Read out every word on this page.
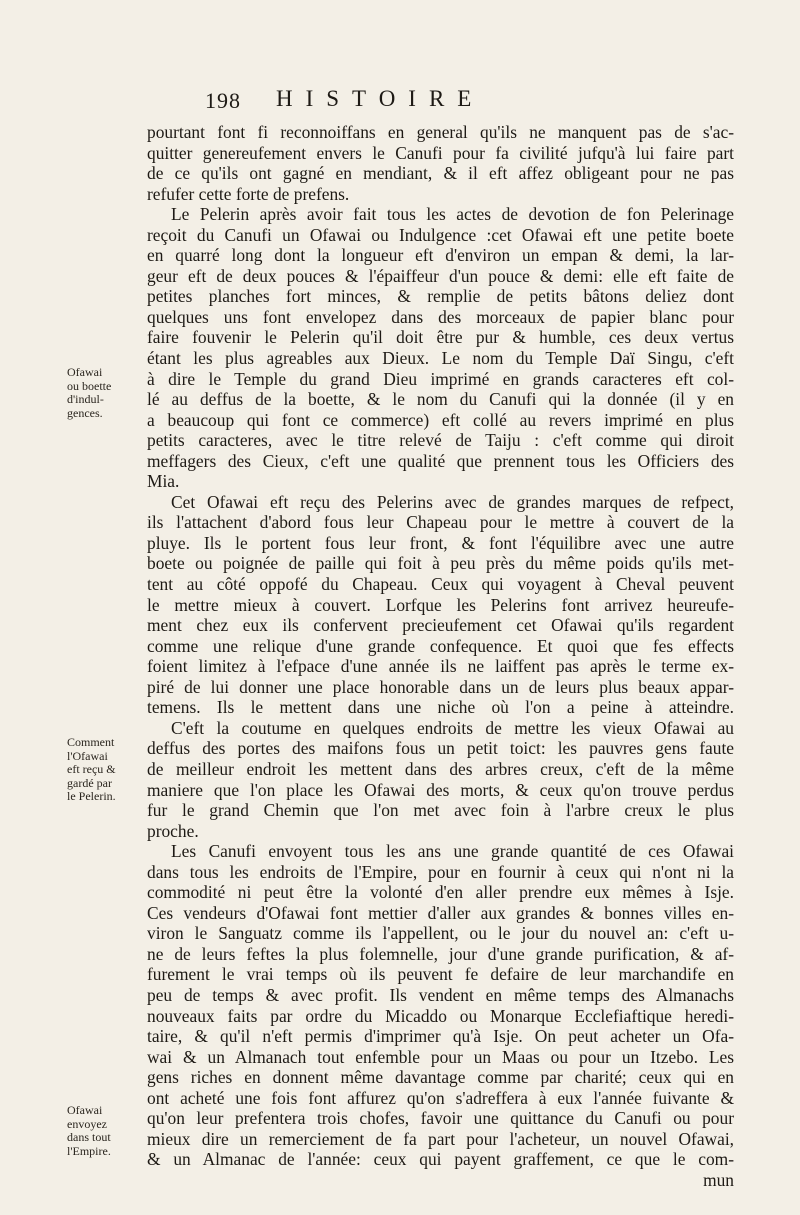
198 HISTOIRE
Ofawai
ou boette
d'indul-
gences.
Comment
l'Ofawai
eft reçu &
gardé par
le Pelerin.
Ofawai
envoyez
dans tout
l'Empire.
pourtant font fi reconnoiffans en general qu'ils ne manquent pas de s'ac-
quitter genereufement envers le Canufi pour fa civilité jufqu'à lui faire part
de ce qu'ils ont gagné en mendiant, & il eft affez obligeant pour ne pas
refufer cette forte de prefens.
Le Pelerin après avoir fait tous les actes de devotion de fon Pelerinage
reçoit du Canufi un Ofawai ou Indulgence :cet Ofawai eft une petite boete
en quarré long dont la longueur eft d'environ un empan & demi, la lar-
geur eft de deux pouces & l'épaiffeur d'un pouce & demi: elle eft faite de
petites planches fort minces, & remplie de petits bâtons deliez dont
quelques uns font envelopez dans des morceaux de papier blanc pour
faire fouvenir le Pelerin qu'il doit être pur & humble, ces deux vertus
étant les plus agreables aux Dieux. Le nom du Temple Daï Singu, c'eft
à dire le Temple du grand Dieu imprimé en grands caracteres eft col-
lé au deffus de la boette, & le nom du Canufi qui la donnée (il y en
a beaucoup qui font ce commerce) eft collé au revers imprimé en plus
petits caracteres, avec le titre relevé de Taiju : c'eft comme qui diroit
meffagers des Cieux, c'eft une qualité que prennent tous les Officiers des
Mia.
Cet Ofawai eft reçu des Pelerins avec de grandes marques de refpect,
ils l'attachent d'abord fous leur Chapeau pour le mettre à couvert de la
pluye. Ils le portent fous leur front, & font l'équilibre avec une autre
boete ou poignée de paille qui foit à peu près du même poids qu'ils met-
tent au côté oppofé du Chapeau. Ceux qui voyagent à Cheval peuvent
le mettre mieux à couvert. Lorfque les Pelerins font arrivez heureufe-
ment chez eux ils confervent precieufement cet Ofawai qu'ils regardent
comme une relique d'une grande confequence. Et quoi que fes effects
foient limitez à l'efpace d'une année ils ne laiffent pas après le terme ex-
piré de lui donner une place honorable dans un de leurs plus beaux appar-
temens. Ils le mettent dans une niche où l'on a peine à atteindre.
C'eft la coutume en quelques endroits de mettre les vieux Ofawai au
deffus des portes des maifons fous un petit toict: les pauvres gens faute
de meilleur endroit les mettent dans des arbres creux, c'eft de la même
maniere que l'on place les Ofawai des morts, & ceux qu'on trouve perdus
fur le grand Chemin que l'on met avec foin à l'arbre creux le plus
proche.
Les Canufi envoyent tous les ans une grande quantité de ces Ofawai
dans tous les endroits de l'Empire, pour en fournir à ceux qui n'ont ni la
commodité ni peut être la volonté d'en aller prendre eux mêmes à Isje.
Ces vendeurs d'Ofawai font mettier d'aller aux grandes & bonnes villes en-
viron le Sanguatz comme ils l'appellent, ou le jour du nouvel an: c'eft u-
ne de leurs feftes la plus folemnelle, jour d'une grande purification, & af-
furement le vrai temps où ils peuvent fe defaire de leur marchandife en
peu de temps & avec profit. Ils vendent en même temps des Almanachs
nouveaux faits par ordre du Micaddo ou Monarque Ecclefiaftique heredi-
taire, & qu'il n'eft permis d'imprimer qu'à Isje. On peut acheter un Ofa-
wai & un Almanach tout enfemble pour un Maas ou pour un Itzebo. Les
gens riches en donnent même davantage comme par charité; ceux qui en
ont acheté une fois font affurez qu'on s'adreffera à eux l'année fuivante &
qu'on leur prefentera trois chofes, favoir une quittance du Canufi ou pour
mieux dire un remerciement de fa part pour l'acheteur, un nouvel Ofawai,
& un Almanac de l'année: ceux qui payent graffement, ce que le com-
mun
